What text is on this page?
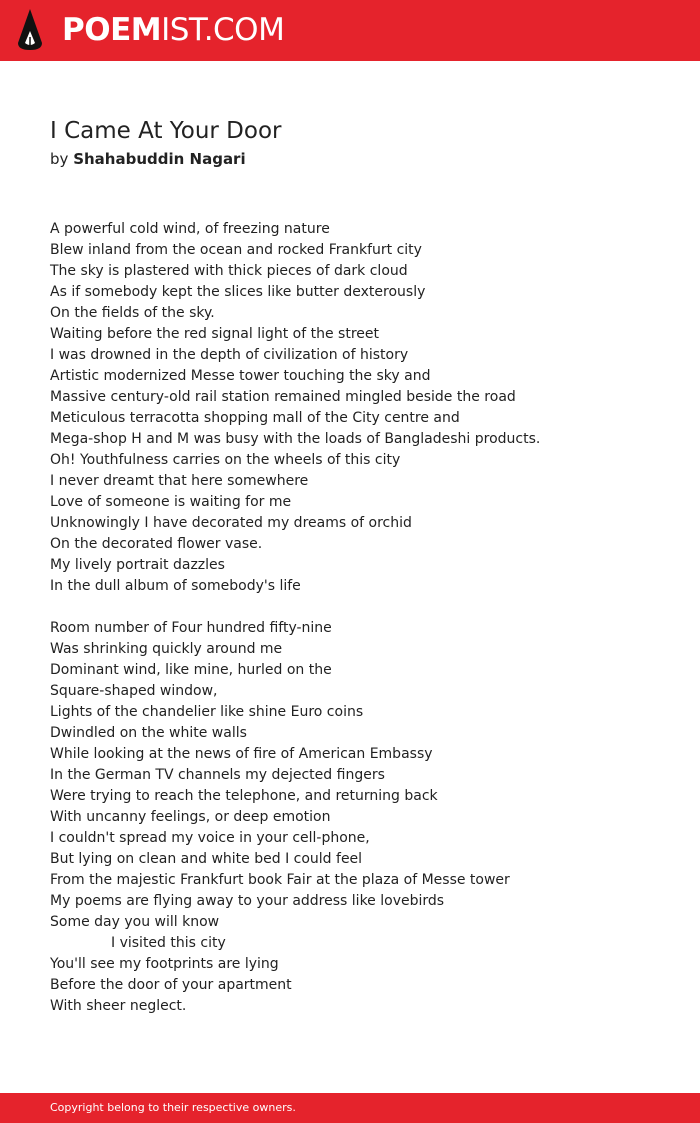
POEMIST.COM
I Came At Your Door
by Shahabuddin Nagari
A powerful cold wind, of freezing nature
Blew inland from the ocean and rocked Frankfurt city
The sky is plastered with thick pieces of dark cloud
As if somebody kept the slices like butter dexterously
On the fields of the sky.
Waiting before the red signal light of the street
I was drowned in the depth of civilization of history
Artistic modernized Messe tower touching the sky and
Massive century-old rail station remained mingled beside the road
Meticulous terracotta shopping mall of the City centre and
Mega-shop H and M was busy with the loads of Bangladeshi products.
Oh! Youthfulness carries on the wheels of this city
I never dreamt that here somewhere
Love of someone is waiting for me
Unknowingly I have decorated my dreams of orchid
On the decorated flower vase.
My lively portrait dazzles
In the dull album of somebody's life
Room number of Four hundred fifty-nine
Was shrinking quickly around me
Dominant wind, like mine, hurled on the
Square-shaped window,
Lights of the chandelier like shine Euro coins
Dwindled on the white walls
While looking at the news of fire of American Embassy
In the German TV channels my dejected fingers
Were trying to reach the telephone, and returning back
With uncanny feelings, or deep emotion
I couldn't spread my voice in your cell-phone,
But lying on clean and white bed I could feel
From the majestic Frankfurt book Fair at the plaza of Messe tower
My poems are flying away to your address like lovebirds
Some day you will know
I visited this city
You'll see my footprints are lying
Before the door of your apartment
With sheer neglect.
Copyright belong to their respective owners.
